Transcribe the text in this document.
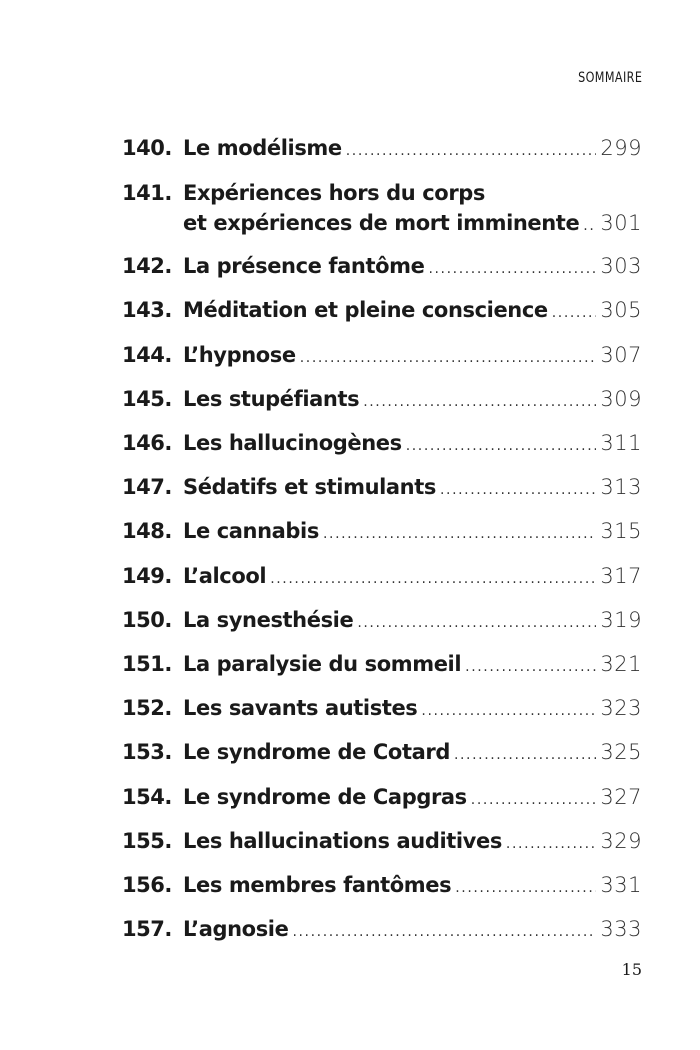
SOMMAIRE
140. Le modélisme .....	299
141. Expériences hors du corps
et expériences de mort imminente ..... 301
142. La présence fantôme .....	303
143. Méditation et pleine conscience .....	305
144. L’hypnose .....	307
145. Les stupéfiants .....	309
146. Les hallucinogènes .....	311
147. Sédatifs et stimulants .....	313
148. Le cannabis .....	315
149. L’alcool .....	317
150. La synesthésie .....	319
151. La paralysie du sommeil .....	321
152. Les savants autistes .....	323
153. Le syndrome de Cotard .....	325
154. Le syndrome de Capgras .....	327
155. Les hallucinations auditives .....	329
156. Les membres fantômes .....	331
157. L’agnosie .....	333
15
